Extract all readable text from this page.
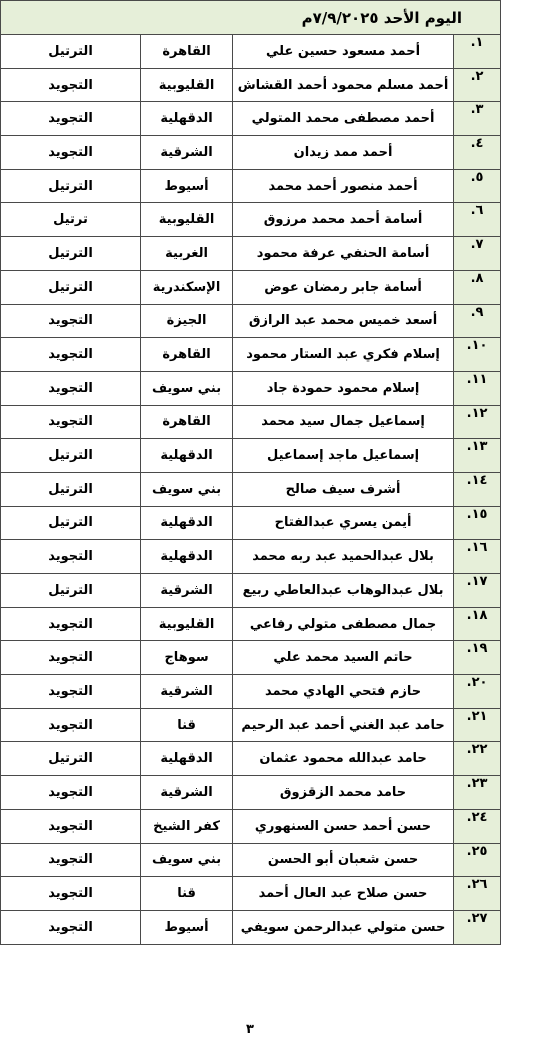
اليوم الأحد ٧/٩/٢٠٢٥م			
١.	أحمد مسعود حسين علي	القاهرة	الترتيل
٢.	أحمد مسلم محمود أحمد القشاش	القليوبية	التجويد
٣.	أحمد مصطفى محمد المتولي	الدقهلية	التجويد
٤.	أحمد ممد زيدان	الشرقية	التجويد
٥.	أحمد منصور أحمد محمد	أسيوط	الترتيل
٦.	أسامة أحمد محمد مرزوق	القليوبية	ترتيل
٧.	أسامة الحنفي عرفة محمود	الغربية	الترتيل
٨.	أسامة جابر رمضان عوض	الإسكندرية	الترتيل
٩.	أسعد خميس محمد عبد الرازق	الجيزة	التجويد
١٠.	إسلام فكري عبد الستار محمود	القاهرة	التجويد
١١.	إسلام محمود حمودة جاد	بني سويف	التجويد
١٢.	إسماعيل جمال سيد محمد	القاهرة	التجويد
١٣.	إسماعيل ماجد إسماعيل	الدقهلية	الترتيل
١٤.	أشرف سيف صالح	بني سويف	الترتيل
١٥.	أيمن يسري عبدالفتاح	الدقهلية	الترتيل
١٦.	بلال عبدالحميد عبد ربه محمد	الدقهلية	التجويد
١٧.	بلال عبدالوهاب عبدالعاطي ربيع	الشرقية	الترتيل
١٨.	جمال مصطفى متولي رفاعي	القليوبية	التجويد
١٩.	حاتم السيد محمد علي	سوهاج	التجويد
٢٠.	حازم فتحي الهادي محمد	الشرقية	التجويد
٢١.	حامد عبد الغني أحمد عبد الرحيم	قنا	التجويد
٢٢.	حامد عبدالله محمود عثمان	الدقهلية	الترتيل
٢٣.	حامد محمد الزقزوق	الشرقية	التجويد
٢٤.	حسن أحمد حسن السنهوري	كفر الشيخ	التجويد
٢٥.	حسن شعبان أبو الحسن	بني سويف	التجويد
٢٦.	حسن صلاح عبد العال أحمد	قنا	التجويد
٢٧.	حسن متولي عبدالرحمن سويفي	أسيوط	التجويد
٣
